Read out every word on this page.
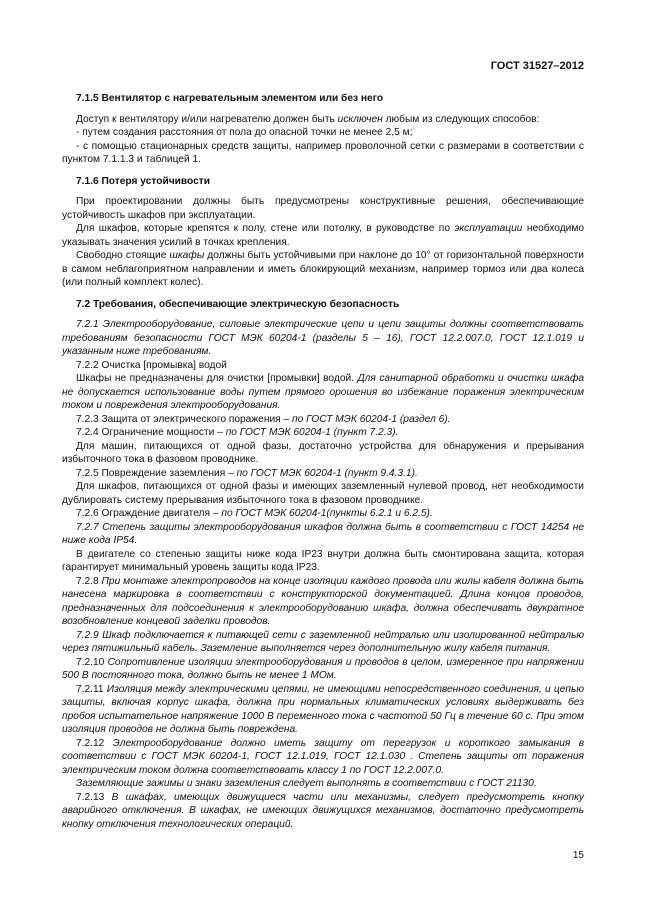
ГОСТ 31527–2012
7.1.5 Вентилятор с нагревательным элементом или без него

Доступ к вентилятору и/или нагревателю должен быть исключен любым из следующих способов:

- путем создания расстояния от пола до опасной точки не менее 2,5 м;

- с помощью стационарных средств защиты, например проволочной сетки с размерами в соответствии с пунктом 7.1.1.3 и таблицей 1.

7.1.6 Потеря устойчивости

При проектировании должны быть предусмотрены конструктивные решения, обеспечивающие устойчивость шкафов при эксплуатации.

Для шкафов, которые крепятся к полу, стене или потолку, в руководстве по эксплуатации необходимо указывать значения усилий в точках крепления.

Свободно стоящие шкафы должны быть устойчивыми при наклоне до 10° от горизонтальной поверхности в самом неблагоприятном направлении и иметь блокирующий механизм, например тормоз или два колеса (или полный комплект колес).

7.2 Требования, обеспечивающие электрическую безопасность

7.2.1 Электрооборудование, силовые электрические цепи и цепи защиты должны соответствовать требованиям безопасности ГОСТ МЭК 60204-1 (разделы 5 – 16), ГОСТ 12.2.007.0, ГОСТ 12.1.019 и указанным ниже требованиям.

7.2.2 Очистка [промывка] водой

Шкафы не предназначены для очистки [промывки] водой. Для санитарной обработки и очистки шкафа не допускается использование воды путем прямого орошения во избежание поражения электрическим током и повреждения электрооборудования.

7.2.3 Защита от электрического поражения – по ГОСТ МЭК 60204-1 (раздел 6).

7.2.4 Ограничение мощности – по ГОСТ МЭК 60204-1 (пункт 7.2.3).

Для машин, питающихся от одной фазы, достаточно устройства для обнаружения и прерывания избыточного тока в фазовом проводнике.

7.2.5 Повреждение заземления – по ГОСТ МЭК 60204-1 (пункт 9.4.3.1).

Для шкафов, питающихся от одной фазы и имеющих заземленный нулевой провод, нет необходимости дублировать систему прерывания избыточного тока в фазовом проводнике.

7.2.6 Ограждение двигателя – по ГОСТ МЭК 60204-1(пункты 6.2.1 и 6.2.5).

7.2.7 Степень защиты электрооборудования шкафов должна быть в соответствии с ГОСТ 14254 не ниже кода IP54.

В двигателе со степенью защиты ниже кода IP23 внутри должна быть смонтирована защита, которая гарантирует минимальный уровень защиты кода IP23.

7.2.8 При монтаже электропроводов на конце изоляции каждого провода или жилы кабеля должна быть нанесена маркировка в соответствии с конструкторской документацией. Длина концов проводов, предназначенных для подсоединения к электрооборудованию шкафа, должна обеспечивать двукратное возобновление концевой заделки проводов.

7.2.9 Шкаф подключается к питающей сети с заземленной нейтралью или изолированной нейтралью через пятижильный кабель. Заземление выполняется через дополнительную жилу кабеля питания.

7.2.10 Сопротивление изоляции электрооборудования и проводов в целом, измеренное при напряжении 500 В постоянного тока, должно быть не менее 1 МОм.

7.2.11 Изоляция между электрическими цепями, не имеющими непосредственного соединения, и цепью защиты, включая корпус шкафа, должна при нормальных климатических условиях выдерживать без пробоя испытательное напряжение 1000 В переменного тока с частотой 50 Гц в течение 60 с. При этом изоляция проводов не должна быть повреждена.

7.2.12 Электрооборудование должно иметь защиту от перегрузок и короткого замыкания в соответствии с ГОСТ МЭК 60204-1, ГОСТ 12.1.019, ГОСТ 12.1.030 . Степень защиты от поражения электрическим током должна соответствовать классу 1 по ГОСТ 12.2.007.0.

Заземляющие зажимы и знаки заземления следует выполнять в соответствии с ГОСТ 21130.

7.2.13 В шкафах, имеющих движущиеся части или механизмы, следует предусмотреть кнопку аварийного отключения. В шкафах, не имеющих движущихся механизмов, достаточно предусмотреть кнопку отключения технологических операций.

15
